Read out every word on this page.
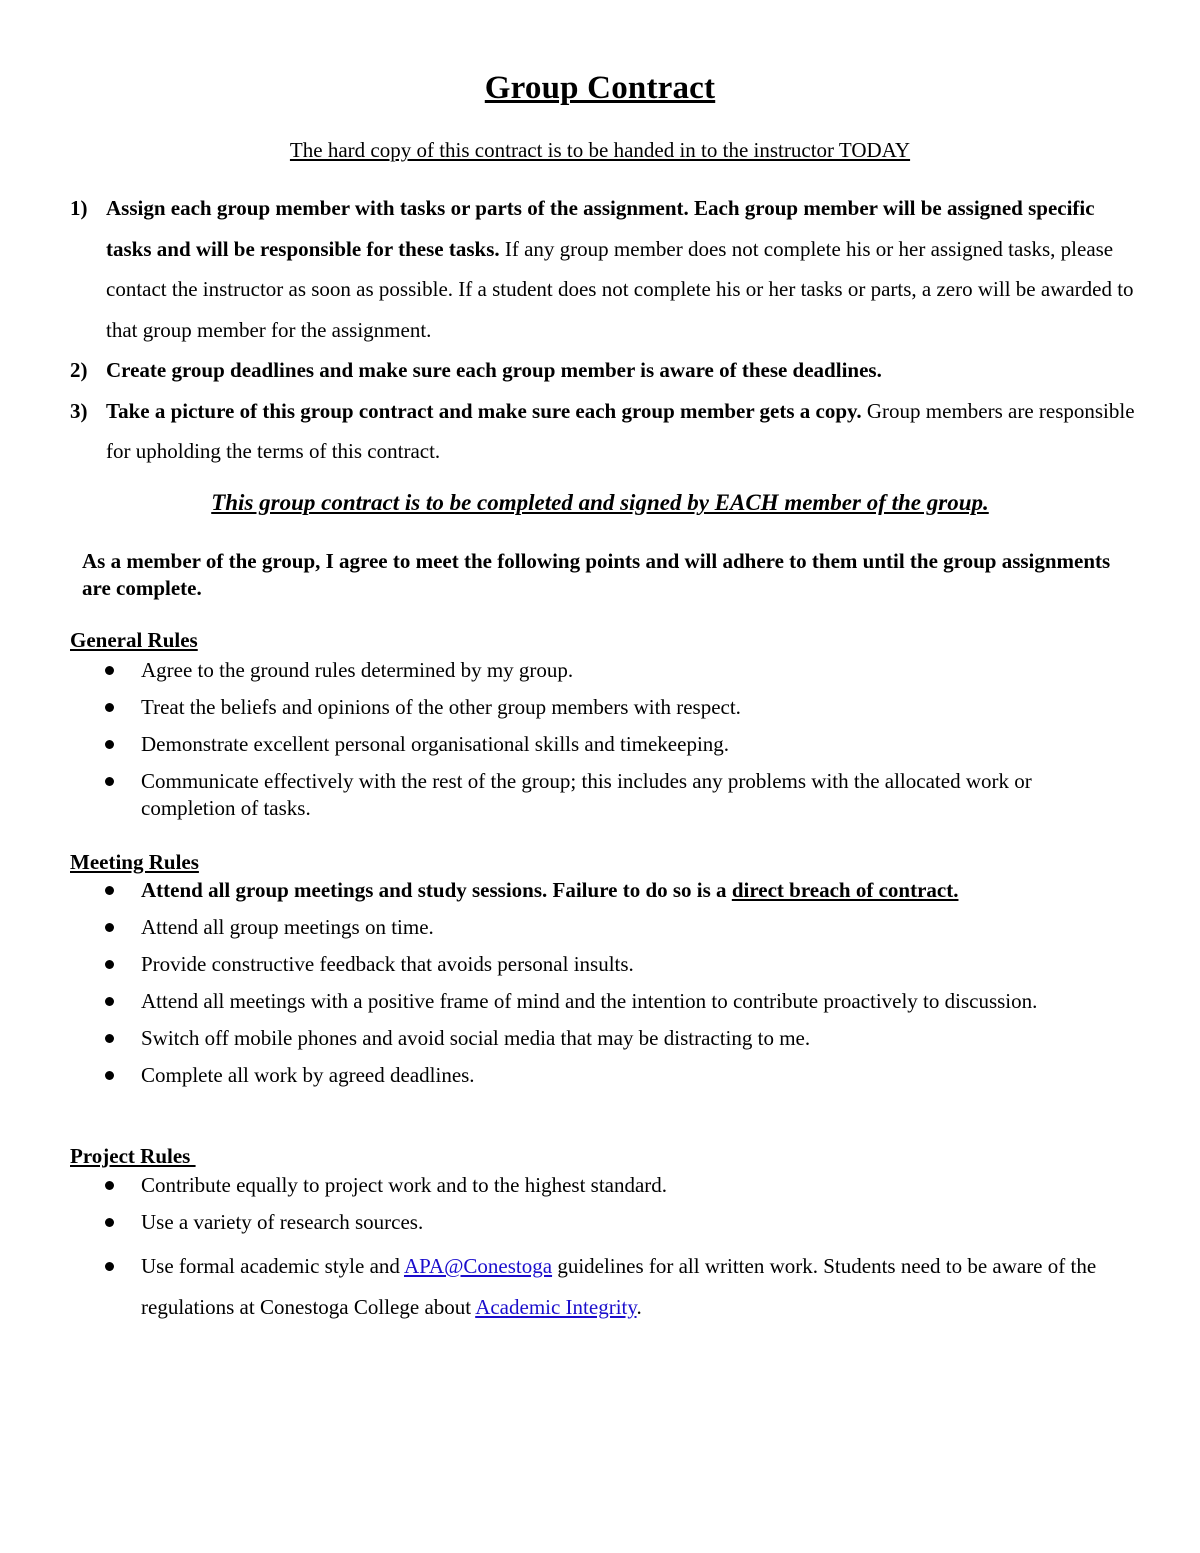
Group Contract
The hard copy of this contract is to be handed in to the instructor TODAY
1) Assign each group member with tasks or parts of the assignment. Each group member will be assigned specific tasks and will be responsible for these tasks. If any group member does not complete his or her assigned tasks, please contact the instructor as soon as possible. If a student does not complete his or her tasks or parts, a zero will be awarded to that group member for the assignment.
2) Create group deadlines and make sure each group member is aware of these deadlines.
3) Take a picture of this group contract and make sure each group member gets a copy. Group members are responsible for upholding the terms of this contract.
This group contract is to be completed and signed by EACH member of the group.
As a member of the group, I agree to meet the following points and will adhere to them until the group assignments are complete.
General Rules
Agree to the ground rules determined by my group.
Treat the beliefs and opinions of the other group members with respect.
Demonstrate excellent personal organisational skills and timekeeping.
Communicate effectively with the rest of the group; this includes any problems with the allocated work or completion of tasks.
Meeting Rules
Attend all group meetings and study sessions. Failure to do so is a direct breach of contract.
Attend all group meetings on time.
Provide constructive feedback that avoids personal insults.
Attend all meetings with a positive frame of mind and the intention to contribute proactively to discussion.
Switch off mobile phones and avoid social media that may be distracting to me.
Complete all work by agreed deadlines.
Project Rules
Contribute equally to project work and to the highest standard.
Use a variety of research sources.
Use formal academic style and APA@Conestoga guidelines for all written work. Students need to be aware of the regulations at Conestoga College about Academic Integrity.
